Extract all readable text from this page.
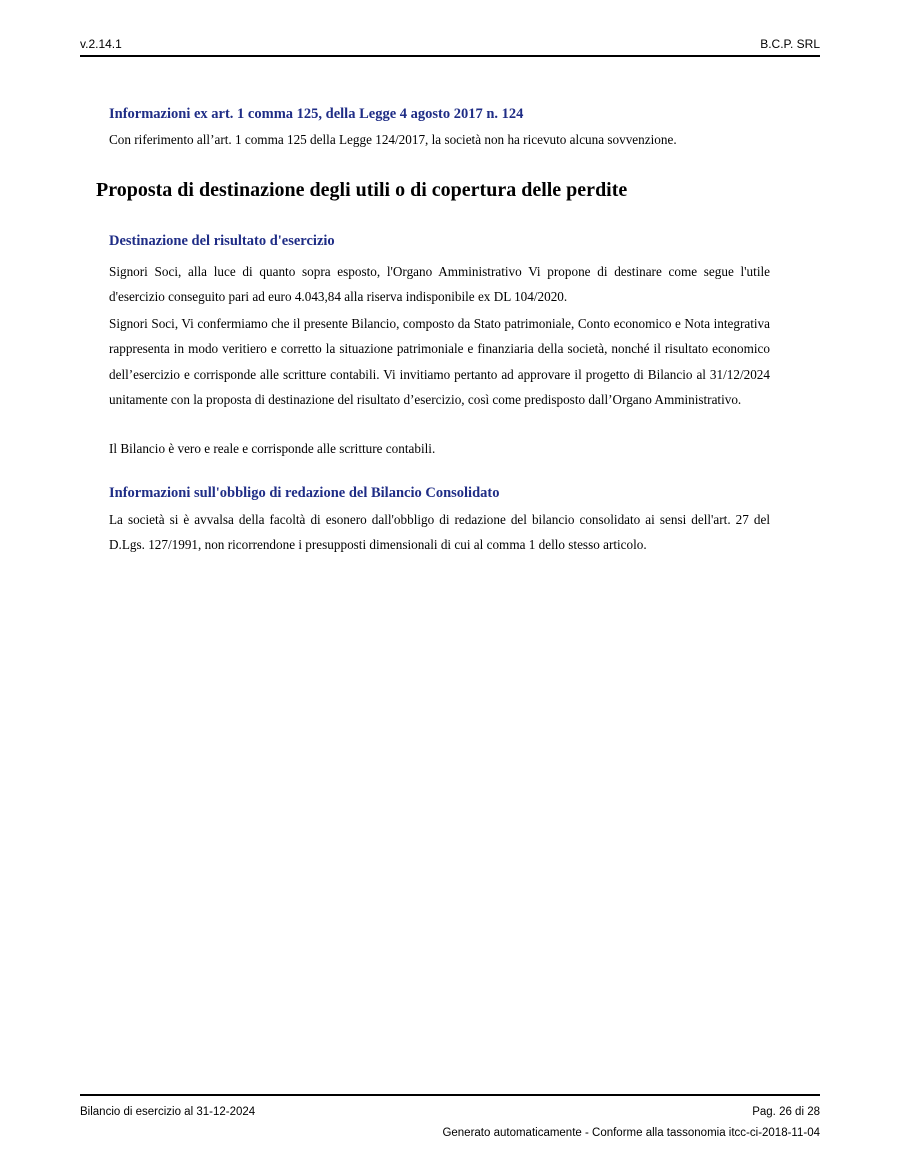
v.2.14.1	B.C.P. SRL
Informazioni ex art. 1 comma 125, della Legge 4 agosto 2017 n. 124
Con riferimento all’art. 1 comma 125 della Legge 124/2017, la società non ha ricevuto alcuna sovvenzione.
Proposta di destinazione degli utili o di copertura delle perdite
Destinazione del risultato d'esercizio
Signori Soci, alla luce di quanto sopra esposto, l'Organo Amministrativo Vi propone di destinare come segue l'utile d'esercizio conseguito pari ad euro 4.043,84 alla riserva indisponibile ex DL 104/2020.
Signori Soci, Vi confermiamo che il presente Bilancio, composto da Stato patrimoniale, Conto economico e Nota integrativa rappresenta in modo veritiero e corretto la situazione patrimoniale e finanziaria della società, nonché il risultato economico dell’esercizio e corrisponde alle scritture contabili. Vi invitiamo pertanto ad approvare il progetto di Bilancio al 31/12/2024 unitamente con la proposta di destinazione del risultato d’esercizio, così come predisposto dall’Organo Amministrativo.
Il Bilancio è vero e reale e corrisponde alle scritture contabili.
Informazioni sull'obbligo di redazione del Bilancio Consolidato
La società si è avvalsa della facoltà di esonero dall'obbligo di redazione del bilancio consolidato ai sensi dell'art. 27 del D.Lgs. 127/1991, non ricorrendone i presupposti dimensionali di cui al comma 1 dello stesso articolo.
Bilancio di esercizio al 31-12-2024	Pag. 26 di 28
Generato automaticamente - Conforme alla tassonomia itcc-ci-2018-11-04
